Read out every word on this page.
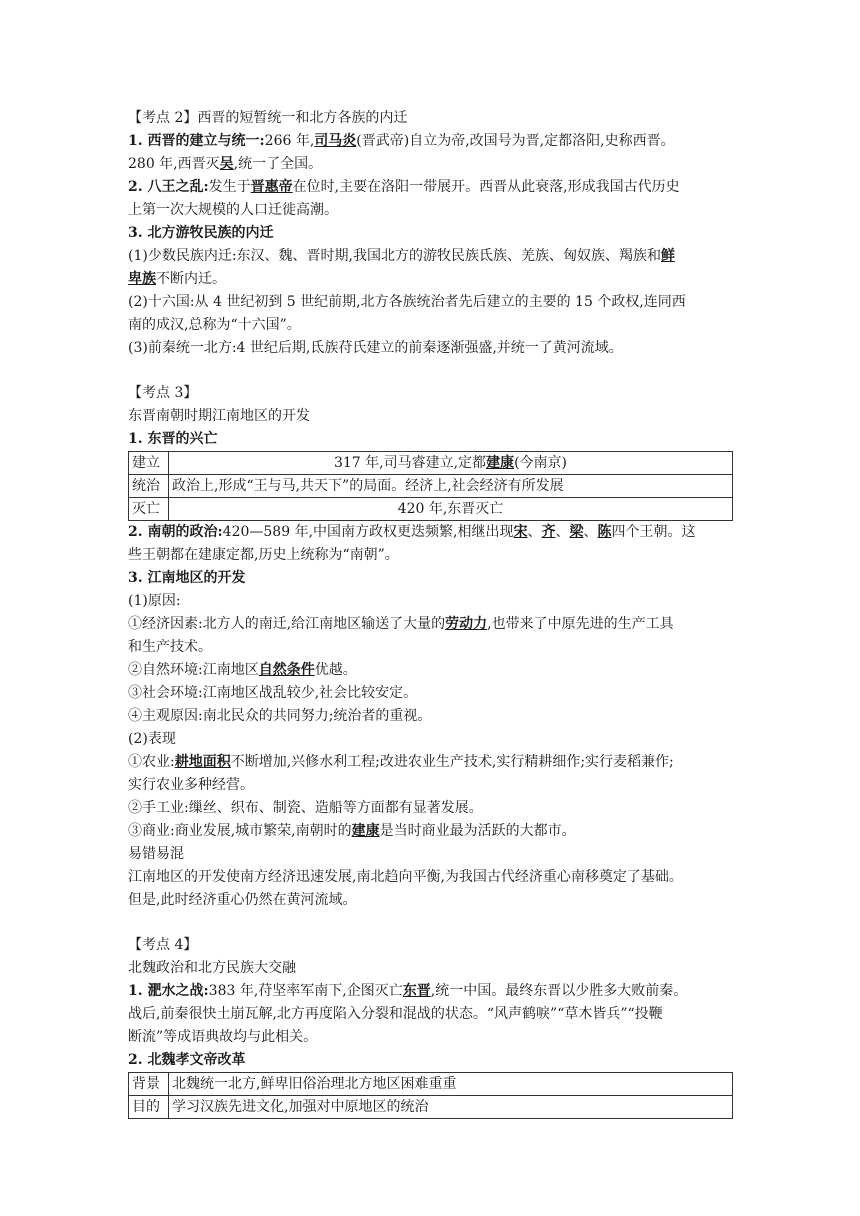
【考点 2】西晋的短暂统一和北方各族的内迁

1. 西晋的建立与统一:266 年,司马炎(晋武帝)自立为帝,改国号为晋,定都洛阳,史称西晋。

280 年,西晋灭吴,统一了全国。

2. 八王之乱:发生于晋惠帝在位时,主要在洛阳一带展开。西晋从此衰落,形成我国古代历史

上第一次大规模的人口迁徙高潮。

3. 北方游牧民族的内迁

(1)少数民族内迁:东汉、魏、晋时期,我国北方的游牧民族氐族、羌族、匈奴族、羯族和鲜

卑族不断内迁。

(2)十六国:从 4 世纪初到 5 世纪前期,北方各族统治者先后建立的主要的 15 个政权,连同西

南的成汉,总称为“十六国”。

(3)前秦统一北方:4 世纪后期,氐族苻氏建立的前秦逐渐强盛,并统一了黄河流域。

【考点 3】

东晋南朝时期江南地区的开发

1. 东晋的兴亡

建立	317 年,司马睿建立,定都建康(今南京)
统治	政治上,形成“王与马,共天下”的局面。经济上,社会经济有所发展
灭亡	420 年,东晋灭亡

2. 南朝的政治:420—589 年,中国南方政权更迭频繁,相继出现宋、齐、梁、陈四个王朝。这

些王朝都在建康定都,历史上统称为“南朝”。

3. 江南地区的开发

(1)原因:

①经济因素:北方人的南迁,给江南地区输送了大量的劳动力,也带来了中原先进的生产工具

和生产技术。

②自然环境:江南地区自然条件优越。

③社会环境:江南地区战乱较少,社会比较安定。

④主观原因:南北民众的共同努力;统治者的重视。

(2)表现

①农业:耕地面积不断增加,兴修水利工程;改进农业生产技术,实行精耕细作;实行麦稻兼作;

实行农业多种经营。

②手工业:缫丝、织布、制瓷、造船等方面都有显著发展。

③商业:商业发展,城市繁荣,南朝时的建康是当时商业最为活跃的大都市。

易错易混

江南地区的开发使南方经济迅速发展,南北趋向平衡,为我国古代经济重心南移奠定了基础。

但是,此时经济重心仍然在黄河流域。

【考点 4】

北魏政治和北方民族大交融

1. 淝水之战:383 年,苻坚率军南下,企图灭亡东晋,统一中国。最终东晋以少胜多大败前秦。

战后,前秦很快土崩瓦解,北方再度陷入分裂和混战的状态。“风声鹤唳”“草木皆兵”“投鞭

断流”等成语典故均与此相关。

2. 北魏孝文帝改革

背景	北魏统一北方,鲜卑旧俗治理北方地区困难重重
目的	学习汉族先进文化,加强对中原地区的统治
